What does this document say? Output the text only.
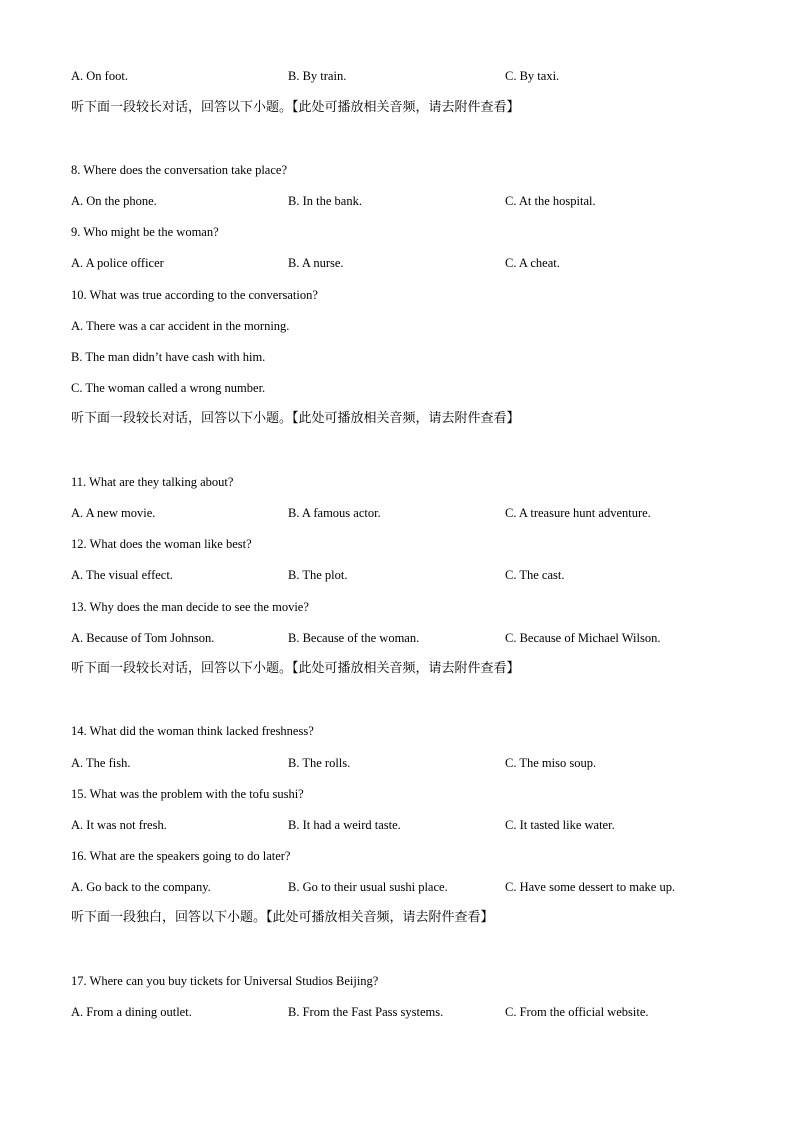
A. On foot.	B. By train.	C. By taxi.
听下面一段较长对话，回答以下小题。【此处可播放相关音频，请去附件查看】
8. Where does the conversation take place?
A. On the phone.	B. In the bank.	C. At the hospital.
9. Who might be the woman?
A. A police officer	B. A nurse.	C. A cheat.
10. What was true according to the conversation?
A. There was a car accident in the morning.
B. The man didn’t have cash with him.
C. The woman called a wrong number.
听下面一段较长对话，回答以下小题。【此处可播放相关音频，请去附件查看】
11. What are they talking about?
A. A new movie.	B. A famous actor.	C. A treasure hunt adventure.
12. What does the woman like best?
A. The visual effect.	B. The plot.	C. The cast.
13. Why does the man decide to see the movie?
A. Because of Tom Johnson.	B. Because of the woman.	C. Because of Michael Wilson.
听下面一段较长对话，回答以下小题。【此处可播放相关音频，请去附件查看】
14. What did the woman think lacked freshness?
A. The fish.	B. The rolls.	C. The miso soup.
15. What was the problem with the tofu sushi?
A. It was not fresh.	B. It had a weird taste.	C. It tasted like water.
16. What are the speakers going to do later?
A. Go back to the company.	B. Go to their usual sushi place.	C. Have some dessert to make up.
听下面一段独白，回答以下小题。【此处可播放相关音频，请去附件查看】
17. Where can you buy tickets for Universal Studios Beijing?
A. From a dining outlet.	B. From the Fast Pass systems.	C. From the official website.
